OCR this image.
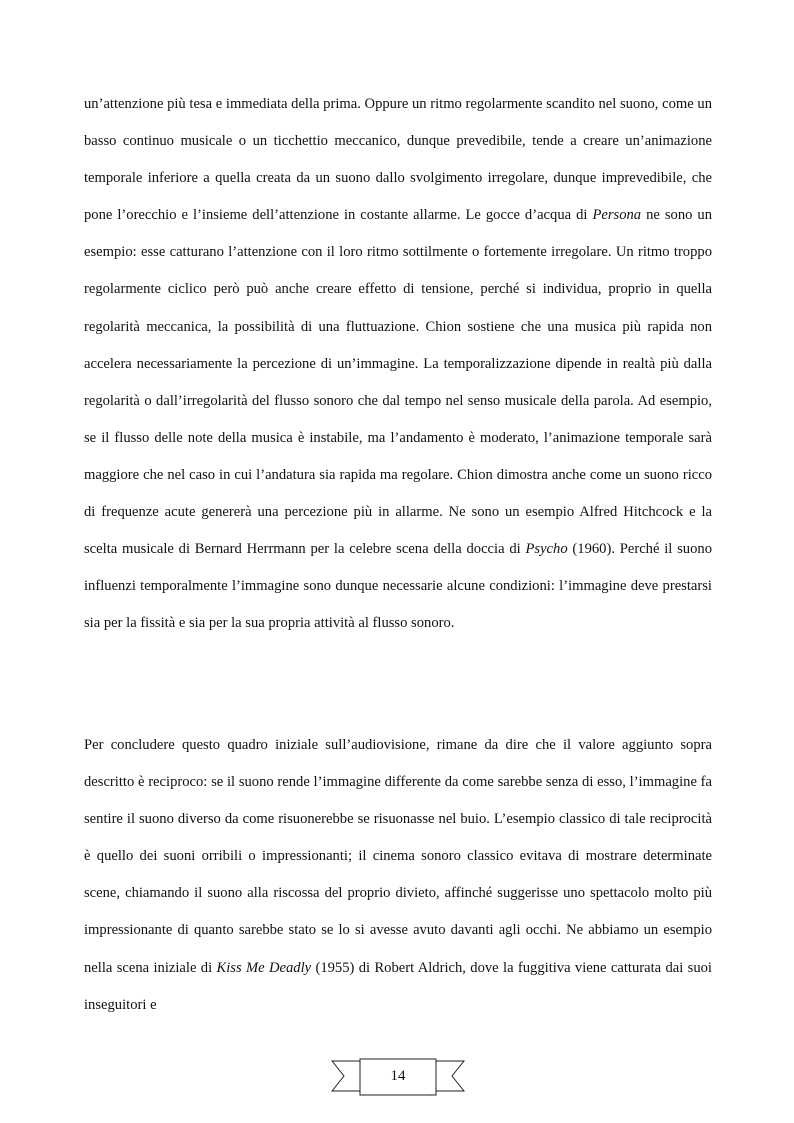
un’attenzione più tesa e immediata della prima. Oppure un ritmo regolarmente scandito nel suono, come un basso continuo musicale o un ticchettio meccanico, dunque prevedibile, tende a creare un’animazione temporale inferiore a quella creata da un suono dallo svolgimento irregolare, dunque imprevedibile, che pone l’orecchio e l’insieme dell’attenzione in costante allarme. Le gocce d’acqua di Persona ne sono un esempio: esse catturano l’attenzione con il loro ritmo sottilmente o fortemente irregolare. Un ritmo troppo regolarmente ciclico però può anche creare effetto di tensione, perché si individua, proprio in quella regolarità meccanica, la possibilità di una fluttuazione. Chion sostiene che una musica più rapida non accelera necessariamente la percezione di un’immagine. La temporalizzazione dipende in realtà più dalla regolarità o dall’irregolarità del flusso sonoro che dal tempo nel senso musicale della parola. Ad esempio, se il flusso delle note della musica è instabile, ma l’andamento è moderato, l’animazione temporale sarà maggiore che nel caso in cui l’andatura sia rapida ma regolare. Chion dimostra anche come un suono ricco di frequenze acute genererà una percezione più in allarme. Ne sono un esempio Alfred Hitchcock e la scelta musicale di Bernard Herrmann per la celebre scena della doccia di Psycho (1960). Perché il suono influenzi temporalmente l’immagine sono dunque necessarie alcune condizioni: l’immagine deve prestarsi sia per la fissità e sia per la sua propria attività al flusso sonoro.

Per concludere questo quadro iniziale sull’audiovisione, rimane da dire che il valore aggiunto sopra descritto è reciproco: se il suono rende l’immagine differente da come sarebbe senza di esso, l’immagine fa sentire il suono diverso da come risuonerebbe se risuonasse nel buio. L’esempio classico di tale reciprocità è quello dei suoni orribili o impressionanti; il cinema sonoro classico evitava di mostrare determinate scene, chiamando il suono alla riscossa del proprio divieto, affinché suggerisse uno spettacolo molto più impressionante di quanto sarebbe stato se lo si avesse avuto davanti agli occhi. Ne abbiamo un esempio nella scena iniziale di Kiss Me Deadly (1955) di Robert Aldrich, dove la fuggitiva viene catturata dai suoi inseguitori e

14
